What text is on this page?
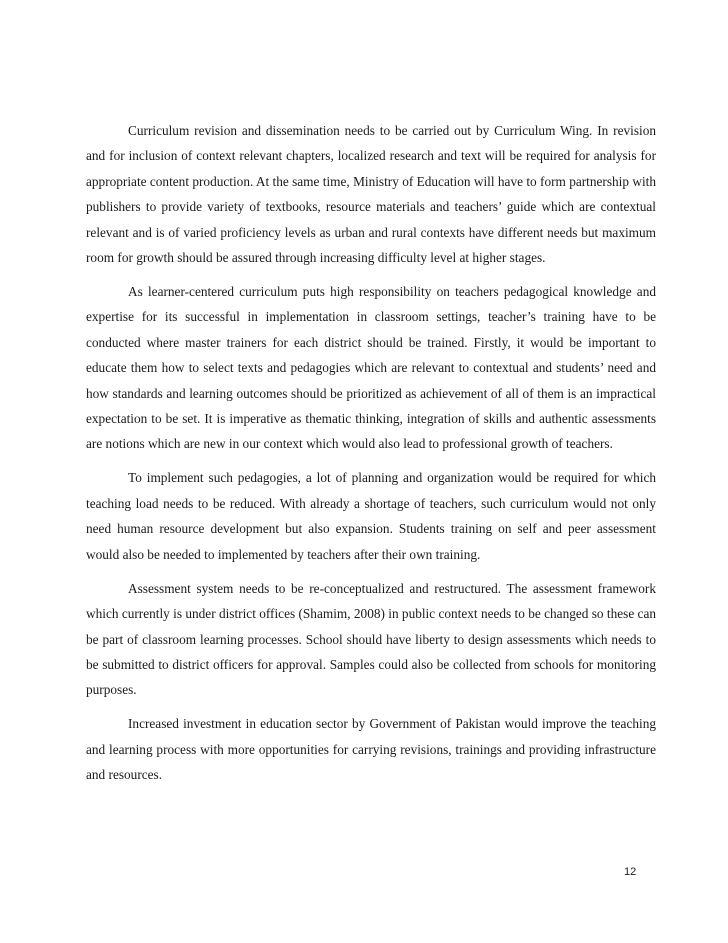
Curriculum revision and dissemination needs to be carried out by Curriculum Wing. In revision and for inclusion of context relevant chapters, localized research and text will be required for analysis for appropriate content production. At the same time, Ministry of Education will have to form partnership with publishers to provide variety of textbooks, resource materials and teachers’ guide which are contextual relevant and is of varied proficiency levels as urban and rural contexts have different needs but maximum room for growth should be assured through increasing difficulty level at higher stages.

As learner-centered curriculum puts high responsibility on teachers pedagogical knowledge and expertise for its successful in implementation in classroom settings, teacher’s training have to be conducted where master trainers for each district should be trained. Firstly, it would be important to educate them how to select texts and pedagogies which are relevant to contextual and students’ need and how standards and learning outcomes should be prioritized as achievement of all of them is an impractical expectation to be set. It is imperative as thematic thinking, integration of skills and authentic assessments are notions which are new in our context which would also lead to professional growth of teachers.

To implement such pedagogies, a lot of planning and organization would be required for which teaching load needs to be reduced. With already a shortage of teachers, such curriculum would not only need human resource development but also expansion. Students training on self and peer assessment would also be needed to implemented by teachers after their own training.

Assessment system needs to be re-conceptualized and restructured. The assessment framework which currently is under district offices (Shamim, 2008) in public context needs to be changed so these can be part of classroom learning processes. School should have liberty to design assessments which needs to be submitted to district officers for approval. Samples could also be collected from schools for monitoring purposes.

Increased investment in education sector by Government of Pakistan would improve the teaching and learning process with more opportunities for carrying revisions, trainings and providing infrastructure and resources.

12
